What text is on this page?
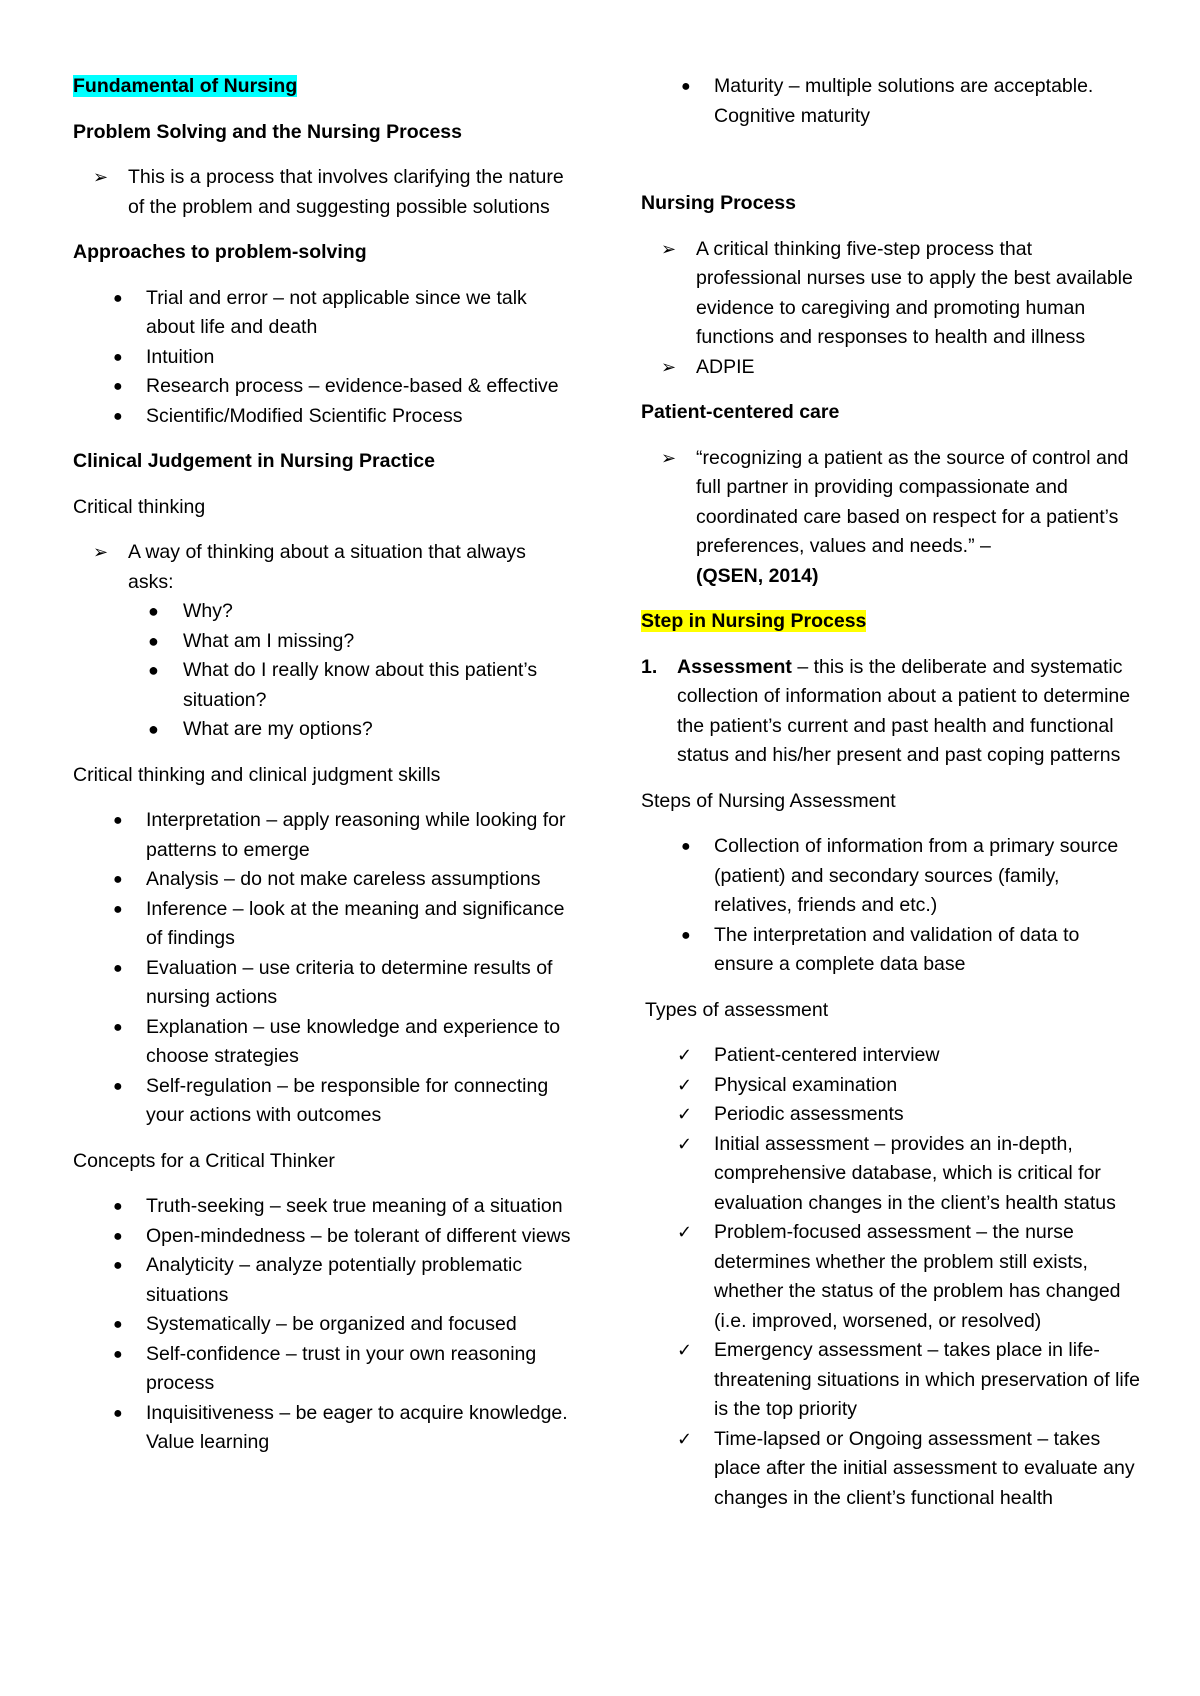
Fundamental of Nursing

Problem Solving and the Nursing Process

➢ This is a process that involves clarifying the nature of the problem and suggesting possible solutions

Approaches to problem-solving

● Trial and error – not applicable since we talk about life and death
● Intuition
● Research process – evidence-based & effective
● Scientific/Modified Scientific Process

Clinical Judgement in Nursing Practice

Critical thinking

➢ A way of thinking about a situation that always asks:
● Why?
● What am I missing?
● What do I really know about this patient’s situation?
● What are my options?

Critical thinking and clinical judgment skills

● Interpretation – apply reasoning while looking for patterns to emerge
● Analysis – do not make careless assumptions
● Inference – look at the meaning and significance of findings
● Evaluation – use criteria to determine results of nursing actions
● Explanation – use knowledge and experience to choose strategies
● Self-regulation – be responsible for connecting your actions with outcomes

Concepts for a Critical Thinker

● Truth-seeking – seek true meaning of a situation
● Open-mindedness – be tolerant of different views
● Analyticity – analyze potentially problematic situations
● Systematically – be organized and focused
● Self-confidence – trust in your own reasoning process
● Inquisitiveness – be eager to acquire knowledge. Value learning
● Maturity – multiple solutions are acceptable. Cognitive maturity

Nursing Process

➢ A critical thinking five-step process that professional nurses use to apply the best available evidence to caregiving and promoting human functions and responses to health and illness
➢ ADPIE

Patient-centered care

➢ “recognizing a patient as the source of control and full partner in providing compassionate and coordinated care based on respect for a patient’s preferences, values and needs.” –
(QSEN, 2014)

Step in Nursing Process

1. Assessment – this is the deliberate and systematic collection of information about a patient to determine the patient’s current and past health and functional status and his/her present and past coping patterns

Steps of Nursing Assessment

● Collection of information from a primary source (patient) and secondary sources (family, relatives, friends and etc.)
● The interpretation and validation of data to ensure a complete data base

Types of assessment

✓ Patient-centered interview
✓ Physical examination
✓ Periodic assessments
✓ Initial assessment – provides an in-depth, comprehensive database, which is critical for evaluation changes in the client’s health status
✓ Problem-focused assessment – the nurse determines whether the problem still exists, whether the status of the problem has changed (i.e. improved, worsened, or resolved)
✓ Emergency assessment – takes place in life-threatening situations in which preservation of life is the top priority
✓ Time-lapsed or Ongoing assessment – takes place after the initial assessment to evaluate any changes in the client’s functional health
